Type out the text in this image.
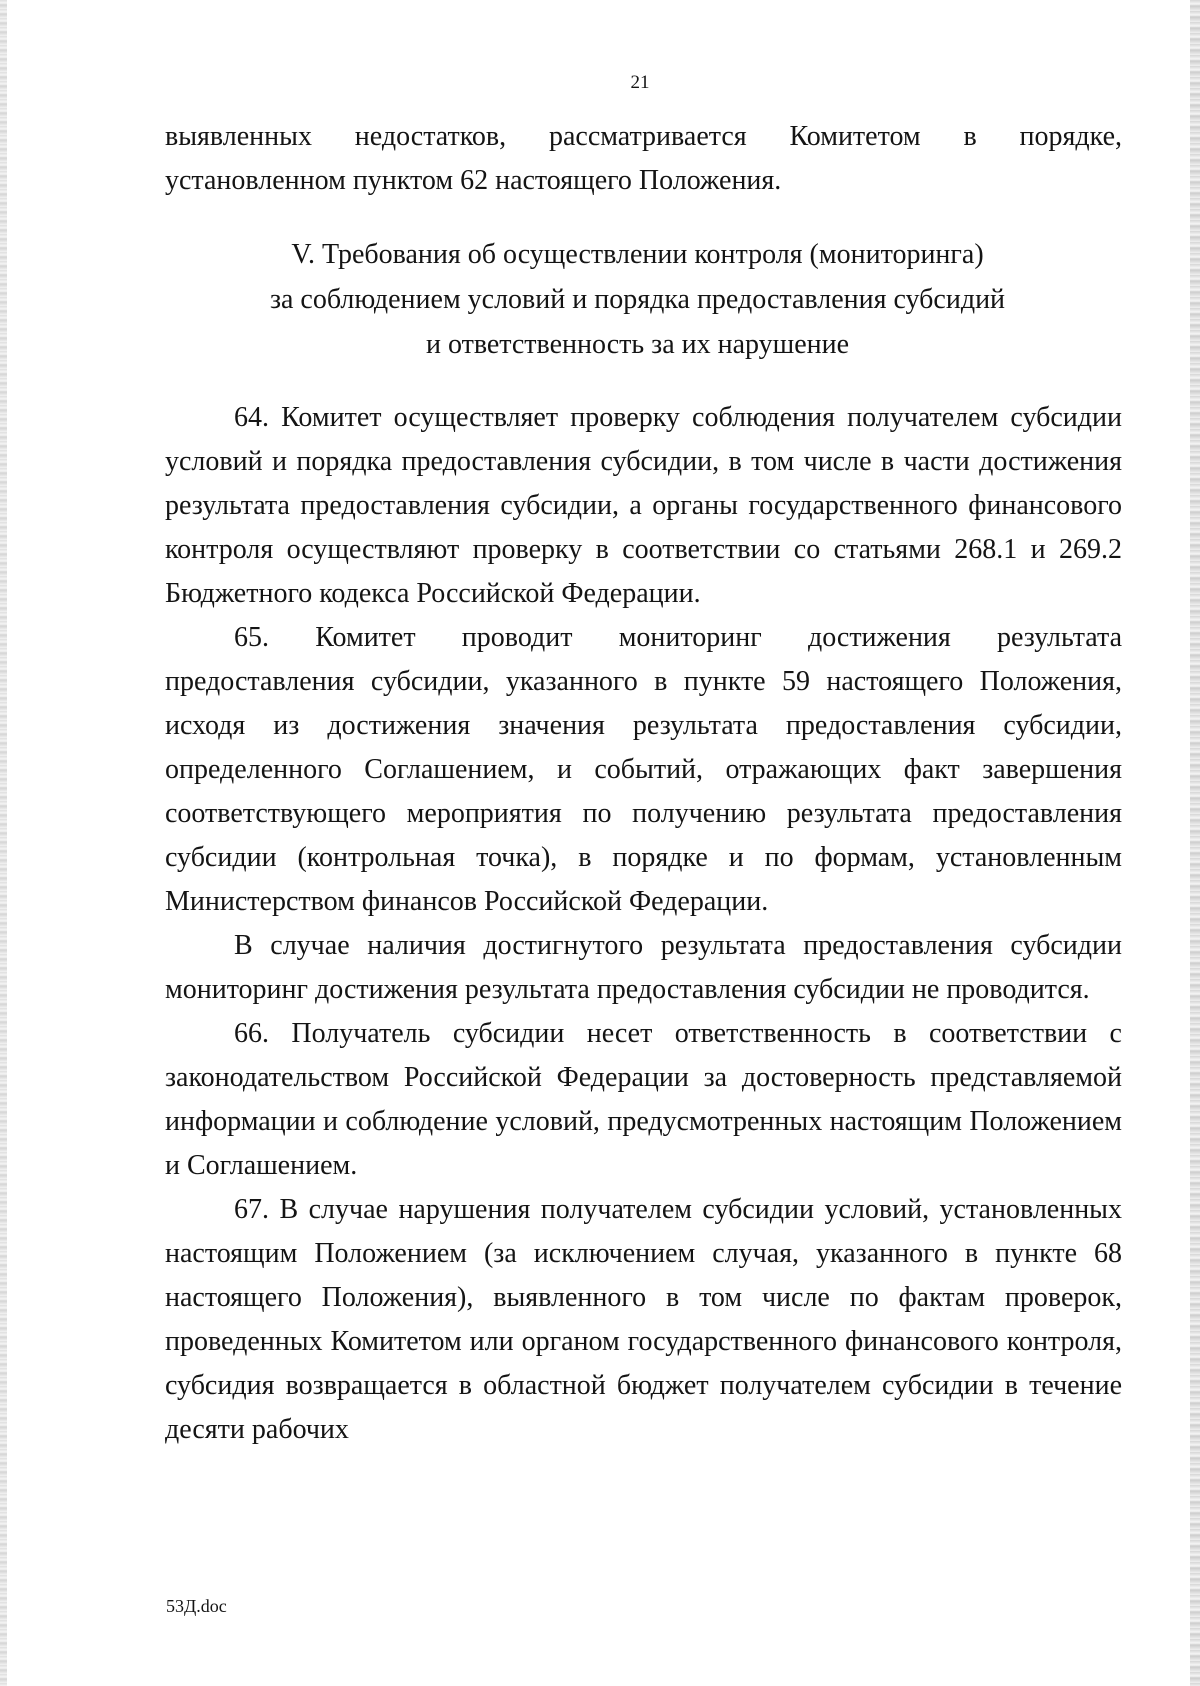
21

выявленных недостатков, рассматривается Комитетом в порядке, установленном пунктом 62 настоящего Положения.

V. Требования об осуществлении контроля (мониторинга)
за соблюдением условий и порядка предоставления субсидий
и ответственность за их нарушение

64. Комитет осуществляет проверку соблюдения получателем субсидии условий и порядка предоставления субсидии, в том числе в части достижения результата предоставления субсидии, а органы государственного финансового контроля осуществляют проверку в соответствии со статьями 268.1 и 269.2 Бюджетного кодекса Российской Федерации.

65. Комитет проводит мониторинг достижения результата предоставления субсидии, указанного в пункте 59 настоящего Положения, исходя из достижения значения результата предоставления субсидии, определенного Соглашением, и событий, отражающих факт завершения соответствующего мероприятия по получению результата предоставления субсидии (контрольная точка), в порядке и по формам, установленным Министерством финансов Российской Федерации.

В случае наличия достигнутого результата предоставления субсидии мониторинг достижения результата предоставления субсидии не проводится.

66. Получатель субсидии несет ответственность в соответствии с законодательством Российской Федерации за достоверность представляемой информации и соблюдение условий, предусмотренных настоящим Положением и Соглашением.

67. В случае нарушения получателем субсидии условий, установленных настоящим Положением (за исключением случая, указанного в пункте 68 настоящего Положения), выявленного в том числе по фактам проверок, проведенных Комитетом или органом государственного финансового контроля, субсидия возвращается в областной бюджет получателем субсидии в течение десяти рабочих

53Д.doc
